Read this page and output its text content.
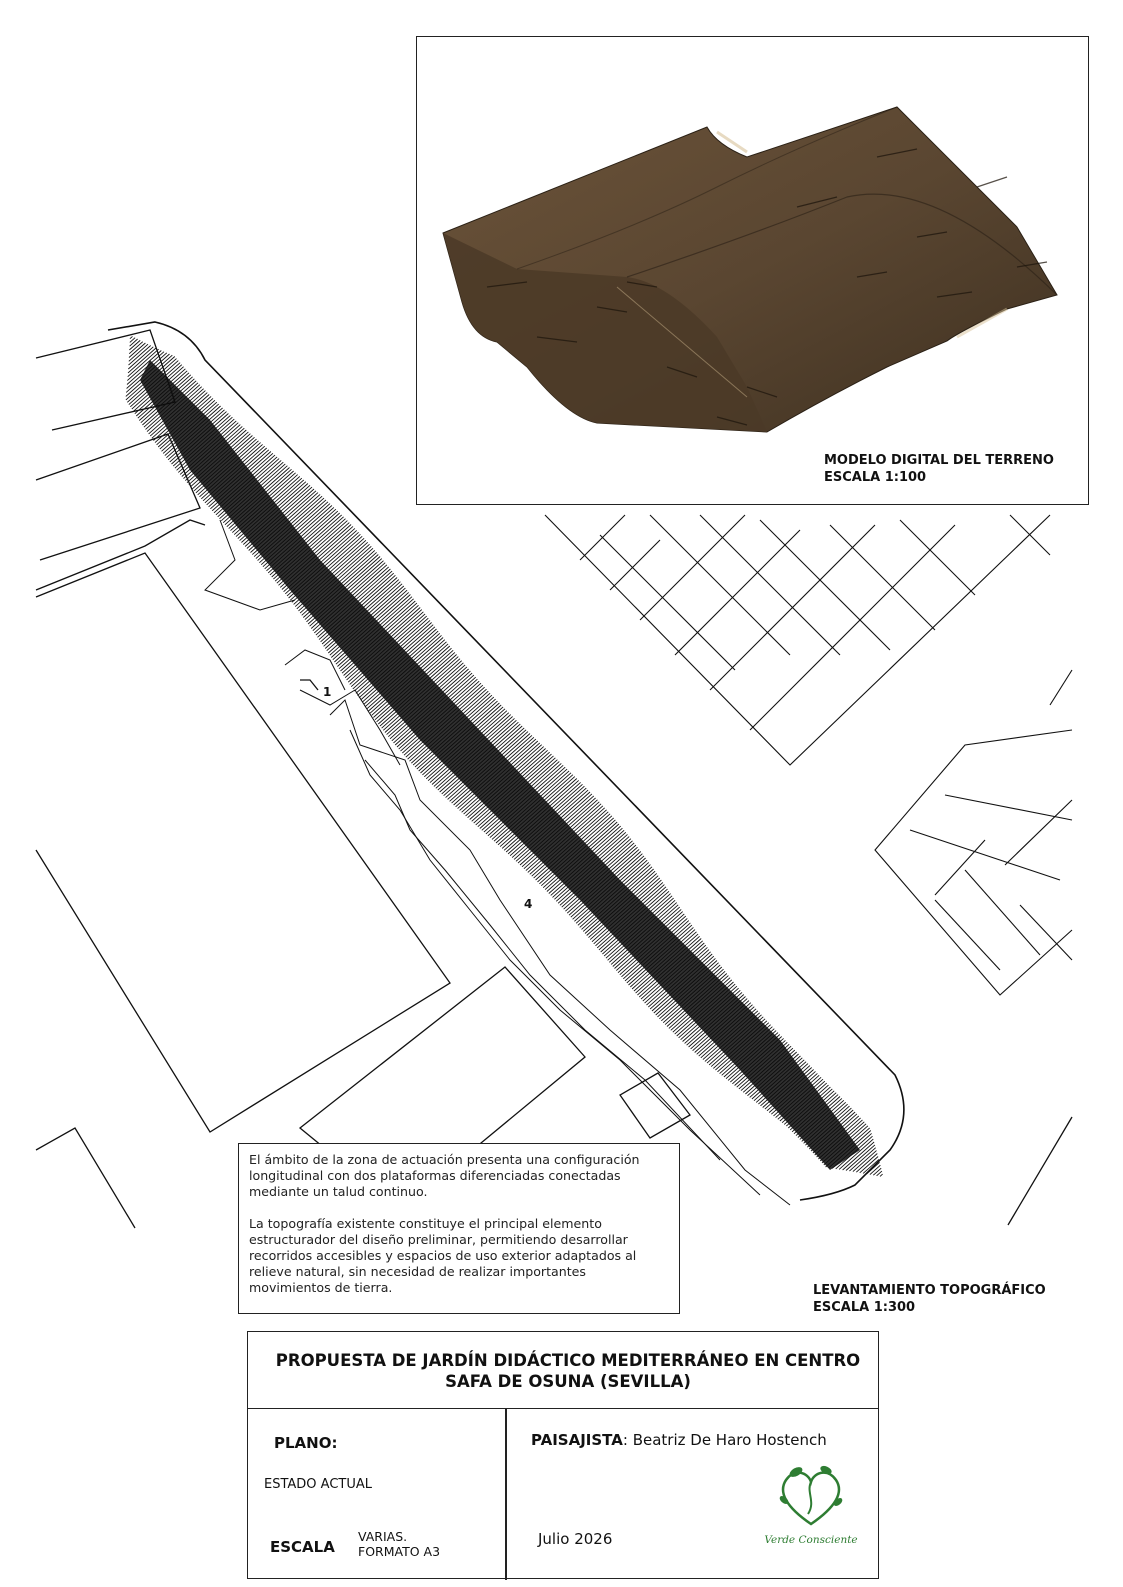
1
4
MODELO DIGITAL DEL TERRENO
ESCALA 1:100
LEVANTAMIENTO TOPOGRÁFICO
ESCALA 1:300

El ámbito de la zona de actuación presenta una configuración longitudinal con dos plataformas diferenciadas conectadas mediante un talud continuo.

La topografía existente constituye el principal elemento estructurador del diseño preliminar, permitiendo desarrollar recorridos accesibles y espacios de uso exterior adaptados al relieve natural, sin necesidad de realizar importantes movimientos de tierra.

PROPUESTA DE JARDÍN DIDÁCTICO MEDITERRÁNEO EN CENTRO
SAFA DE OSUNA (SEVILLA)
PLANO:
ESTADO ACTUAL
ESCALA
VARIAS.
FORMATO A3
PAISAJISTA: Beatriz De Haro Hostench
Julio 2026	Verde Consciente
